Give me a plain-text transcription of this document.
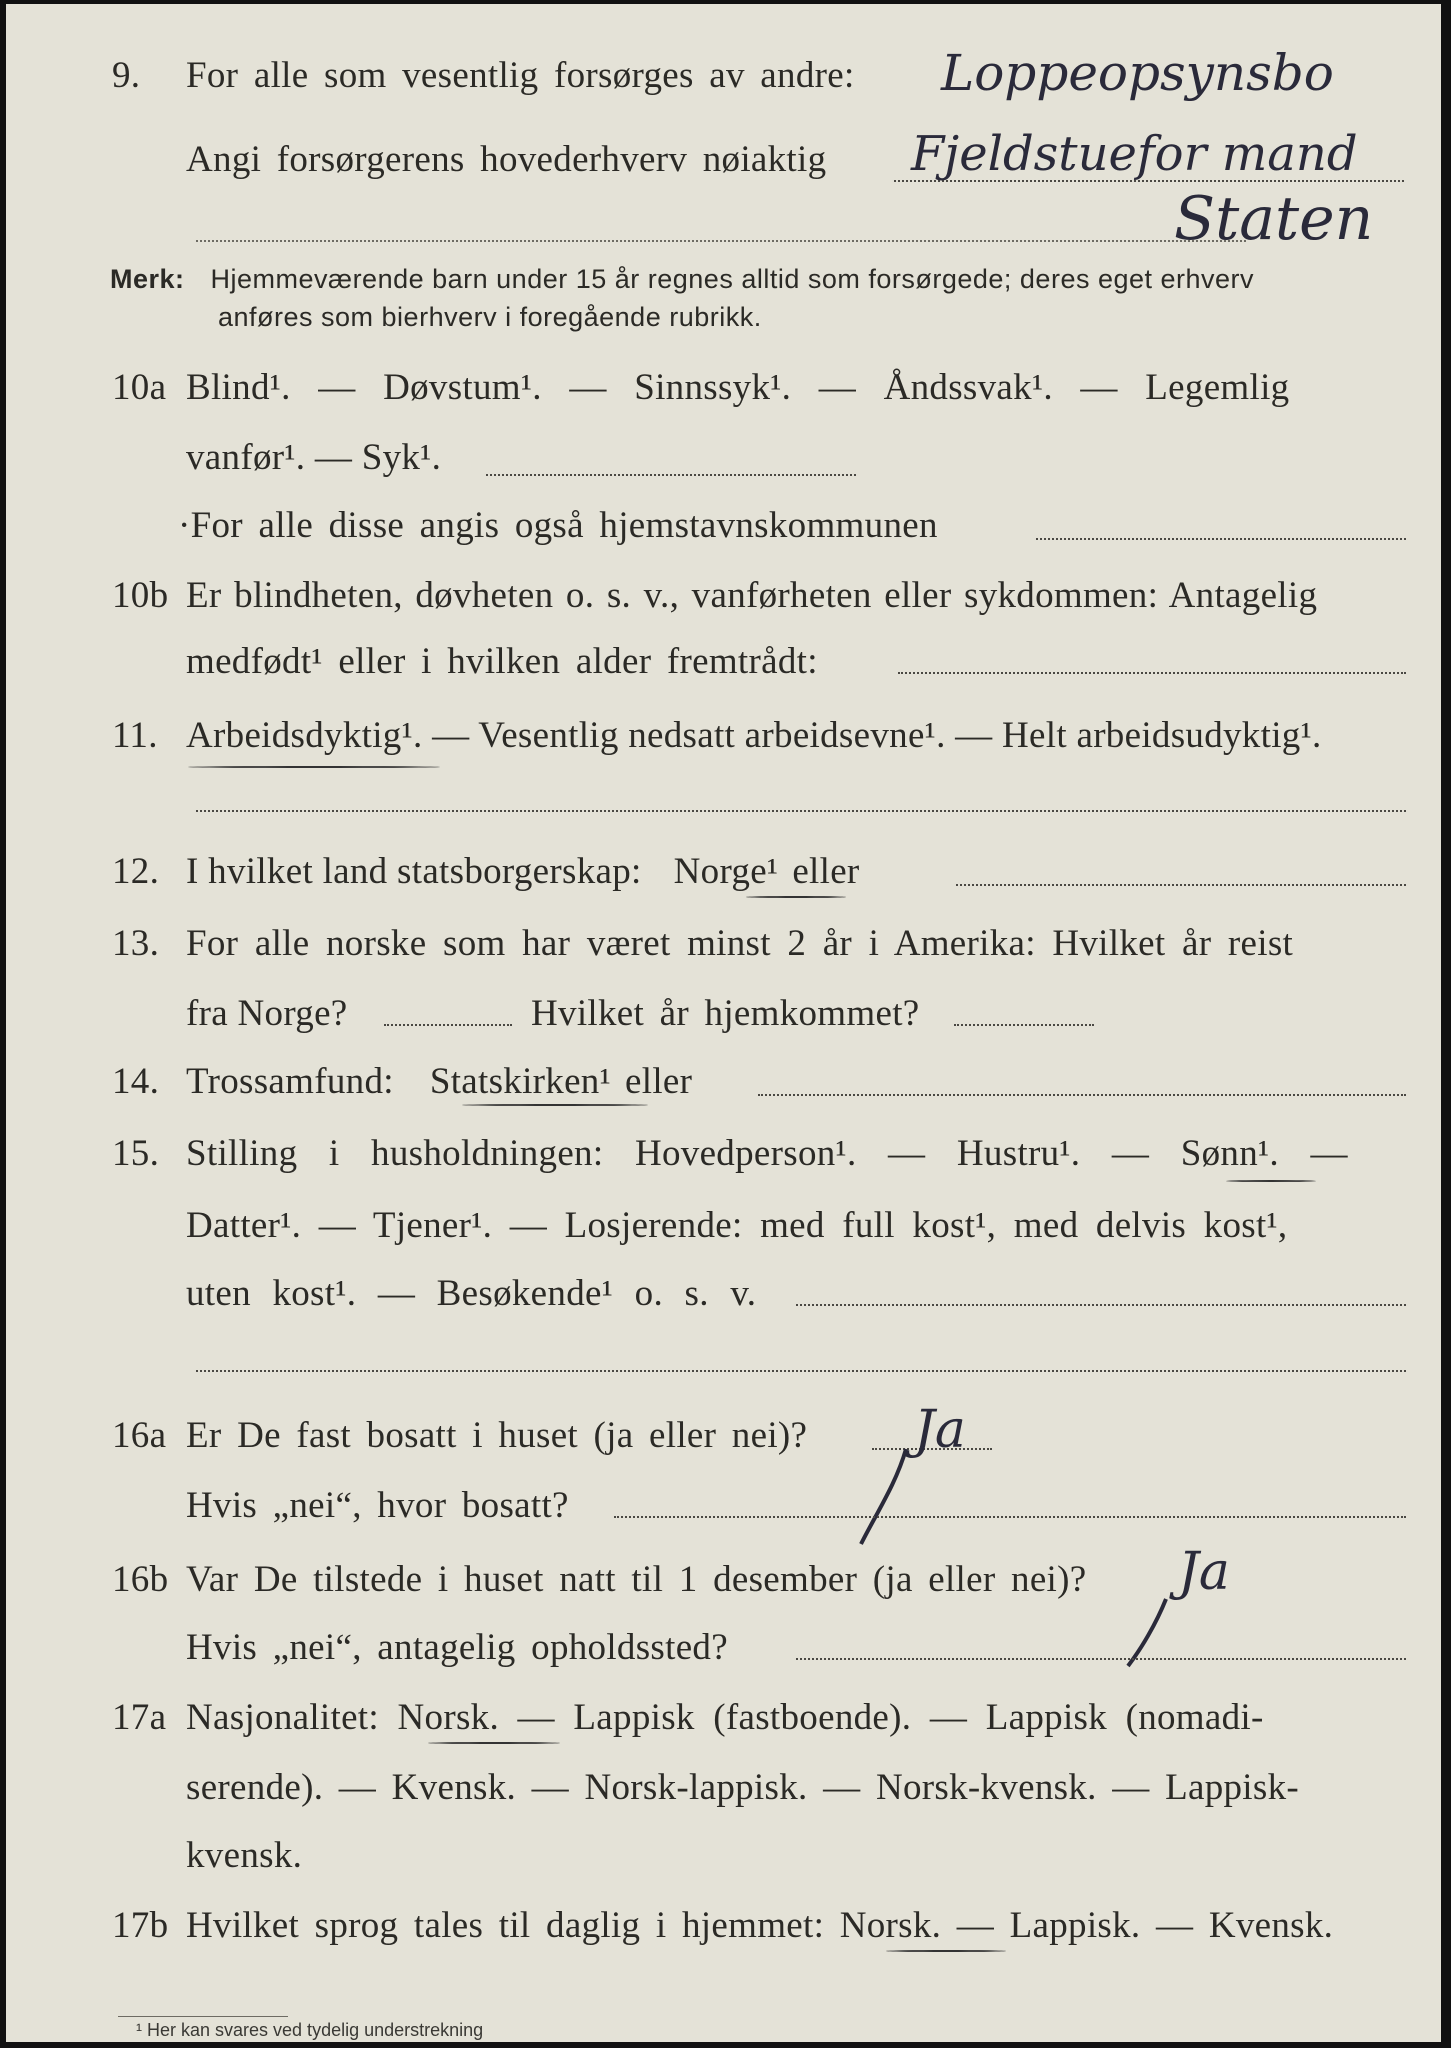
9. For alle som vesentlig forsørges av andre: Loppeopsynsbo
Angi forsørgerens hovederhverv nøiaktig Fjeldstuefor mand
Staten
Merk: Hjemmeværende barn under 15 år regnes alltid som forsørgede; deres eget erhverv
anføres som bierhverv i foregående rubrikk.
10a Blind¹. — Døvstum¹. — Sinnssyk¹. — Åndssvak¹. — Legemlig
vanfør¹. — Syk¹.
·For alle disse angis også hjemstavnskommunen
10b Er blindheten, døvheten o. s. v., vanførheten eller sykdommen: Antagelig
medfødt¹ eller i hvilken alder fremtrådt:
11. Arbeidsdyktig¹. — Vesentlig nedsatt arbeidsevne¹. — Helt arbeidsudyktig¹.
12. I hvilket land statsborgerskap: Norge¹ eller
13. For alle norske som har været minst 2 år i Amerika: Hvilket år reist
fra Norge?	Hvilket år hjemkommet?
14. Trossamfund: Statskirken¹ eller
15. Stilling i husholdningen: Hovedperson¹. — Hustru¹. — Sønn¹. —
Datter¹. — Tjener¹. — Losjerende: med full kost¹, med delvis kost¹,
uten kost¹. — Besøkende¹ o. s. v.
16a Er De fast bosatt i huset (ja eller nei)? Ja
Hvis „nei“, hvor bosatt?
16b Var De tilstede i huset natt til 1 desember (ja eller nei)? Ja
Hvis „nei“, antagelig opholdssted?
17a Nasjonalitet: Norsk. — Lappisk (fastboende). — Lappisk (nomadi-
serende). — Kvensk. — Norsk-lappisk. — Norsk-kvensk. — Lappisk-
kvensk.
17b Hvilket sprog tales til daglig i hjemmet: Norsk. — Lappisk. — Kvensk.
¹ Her kan svares ved tydelig understrekning
